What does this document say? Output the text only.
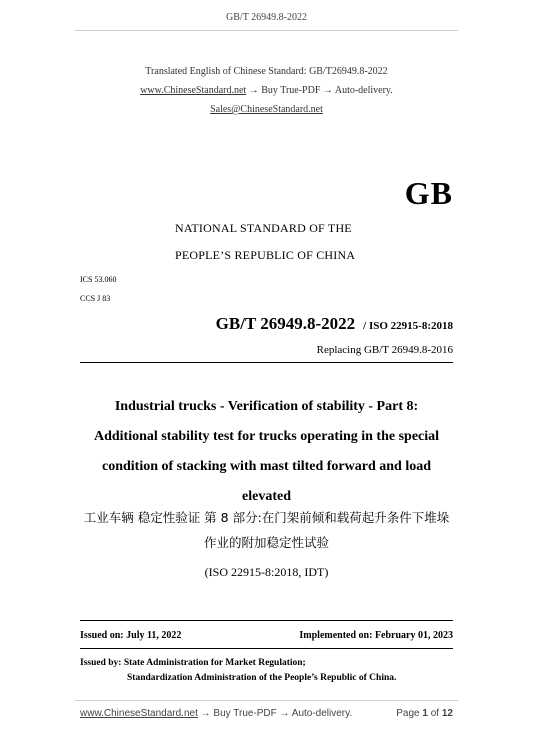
GB/T 26949.8-2022
Translated English of Chinese Standard: GB/T26949.8-2022
www.ChineseStandard.net → Buy True-PDF → Auto-delivery.
Sales@ChineseStandard.net
GB
NATIONAL STANDARD OF THE
PEOPLE’S REPUBLIC OF CHINA
ICS 53.060
CCS J 83
GB/T 26949.8-2022 / ISO 22915-8:2018
Replacing GB/T 26949.8-2016
Industrial trucks - Verification of stability - Part 8:
Additional stability test for trucks operating in the special
condition of stacking with mast tilted forward and load
elevated
工业车辆 稳定性验证 第 8 部分:在门架前倾和载荷起升条件下堆垛
作业的附加稳定性试验
(ISO 22915-8:2018, IDT)
Issued on: July 11, 2022	Implemented on: February 01, 2023
Issued by: State Administration for Market Regulation;
Standardization Administration of the People’s Republic of China.
www.ChineseStandard.net → Buy True-PDF → Auto-delivery.	Page 1 of 12
